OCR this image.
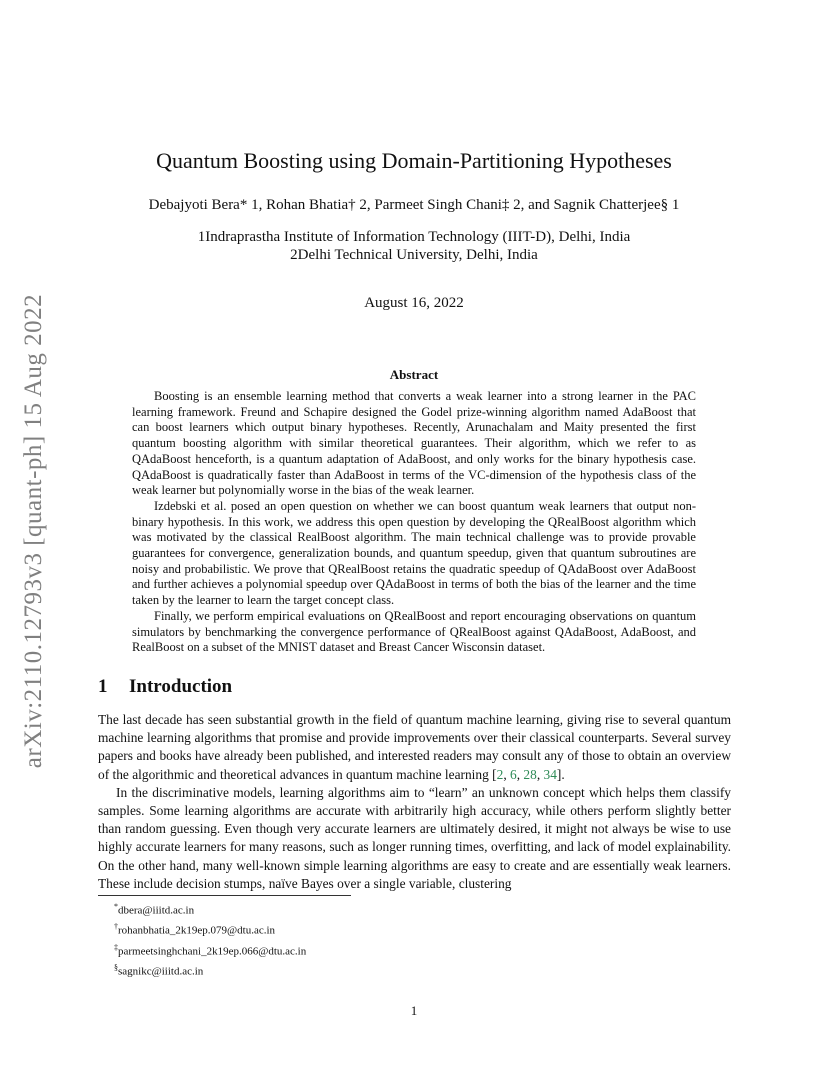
arXiv:2110.12793v3 [quant-ph] 15 Aug 2022
Quantum Boosting using Domain-Partitioning Hypotheses
Debajyoti Bera* 1, Rohan Bhatia† 2, Parmeet Singh Chani‡ 2, and Sagnik Chatterjee§ 1
1Indraprastha Institute of Information Technology (IIIT-D), Delhi, India
2Delhi Technical University, Delhi, India
August 16, 2022
Abstract

Boosting is an ensemble learning method that converts a weak learner into a strong learner in the PAC learning framework. Freund and Schapire designed the Godel prize-winning algorithm named AdaBoost that can boost learners which output binary hypotheses. Recently, Arunachalam and Maity presented the first quantum boosting algorithm with similar theoretical guarantees. Their algorithm, which we refer to as QAdaBoost henceforth, is a quantum adaptation of AdaBoost, and only works for the binary hypothesis case. QAdaBoost is quadratically faster than AdaBoost in terms of the VC-dimension of the hypothesis class of the weak learner but polynomially worse in the bias of the weak learner.

Izdebski et al. posed an open question on whether we can boost quantum weak learners that output non-binary hypothesis. In this work, we address this open question by developing the QRealBoost algorithm which was motivated by the classical RealBoost algorithm. The main technical challenge was to provide provable guarantees for convergence, generalization bounds, and quantum speedup, given that quantum subroutines are noisy and probabilistic. We prove that QRealBoost retains the quadratic speedup of QAdaBoost over AdaBoost and further achieves a polynomial speedup over QAdaBoost in terms of both the bias of the learner and the time taken by the learner to learn the target concept class.

Finally, we perform empirical evaluations on QRealBoost and report encouraging observations on quantum simulators by benchmarking the convergence performance of QRealBoost against QAdaBoost, AdaBoost, and RealBoost on a subset of the MNIST dataset and Breast Cancer Wisconsin dataset.

1 Introduction

The last decade has seen substantial growth in the field of quantum machine learning, giving rise to several quantum machine learning algorithms that promise and provide improvements over their classical counterparts. Several survey papers and books have already been published, and interested readers may consult any of those to obtain an overview of the algorithmic and theoretical advances in quantum machine learning [2, 6, 28, 34].

In the discriminative models, learning algorithms aim to “learn” an unknown concept which helps them classify samples. Some learning algorithms are accurate with arbitrarily high accuracy, while others perform slightly better than random guessing. Even though very accurate learners are ultimately desired, it might not always be wise to use highly accurate learners for many reasons, such as longer running times, overfitting, and lack of model explainability. On the other hand, many well-known simple learning algorithms are easy to create and are essentially weak learners. These include decision stumps, naïve Bayes over a single variable, clustering

*dbera@iiitd.ac.in
†rohanbhatia_2k19ep.079@dtu.ac.in
‡parmeetsinghchani_2k19ep.066@dtu.ac.in
§sagnikc@iiitd.ac.in
1
